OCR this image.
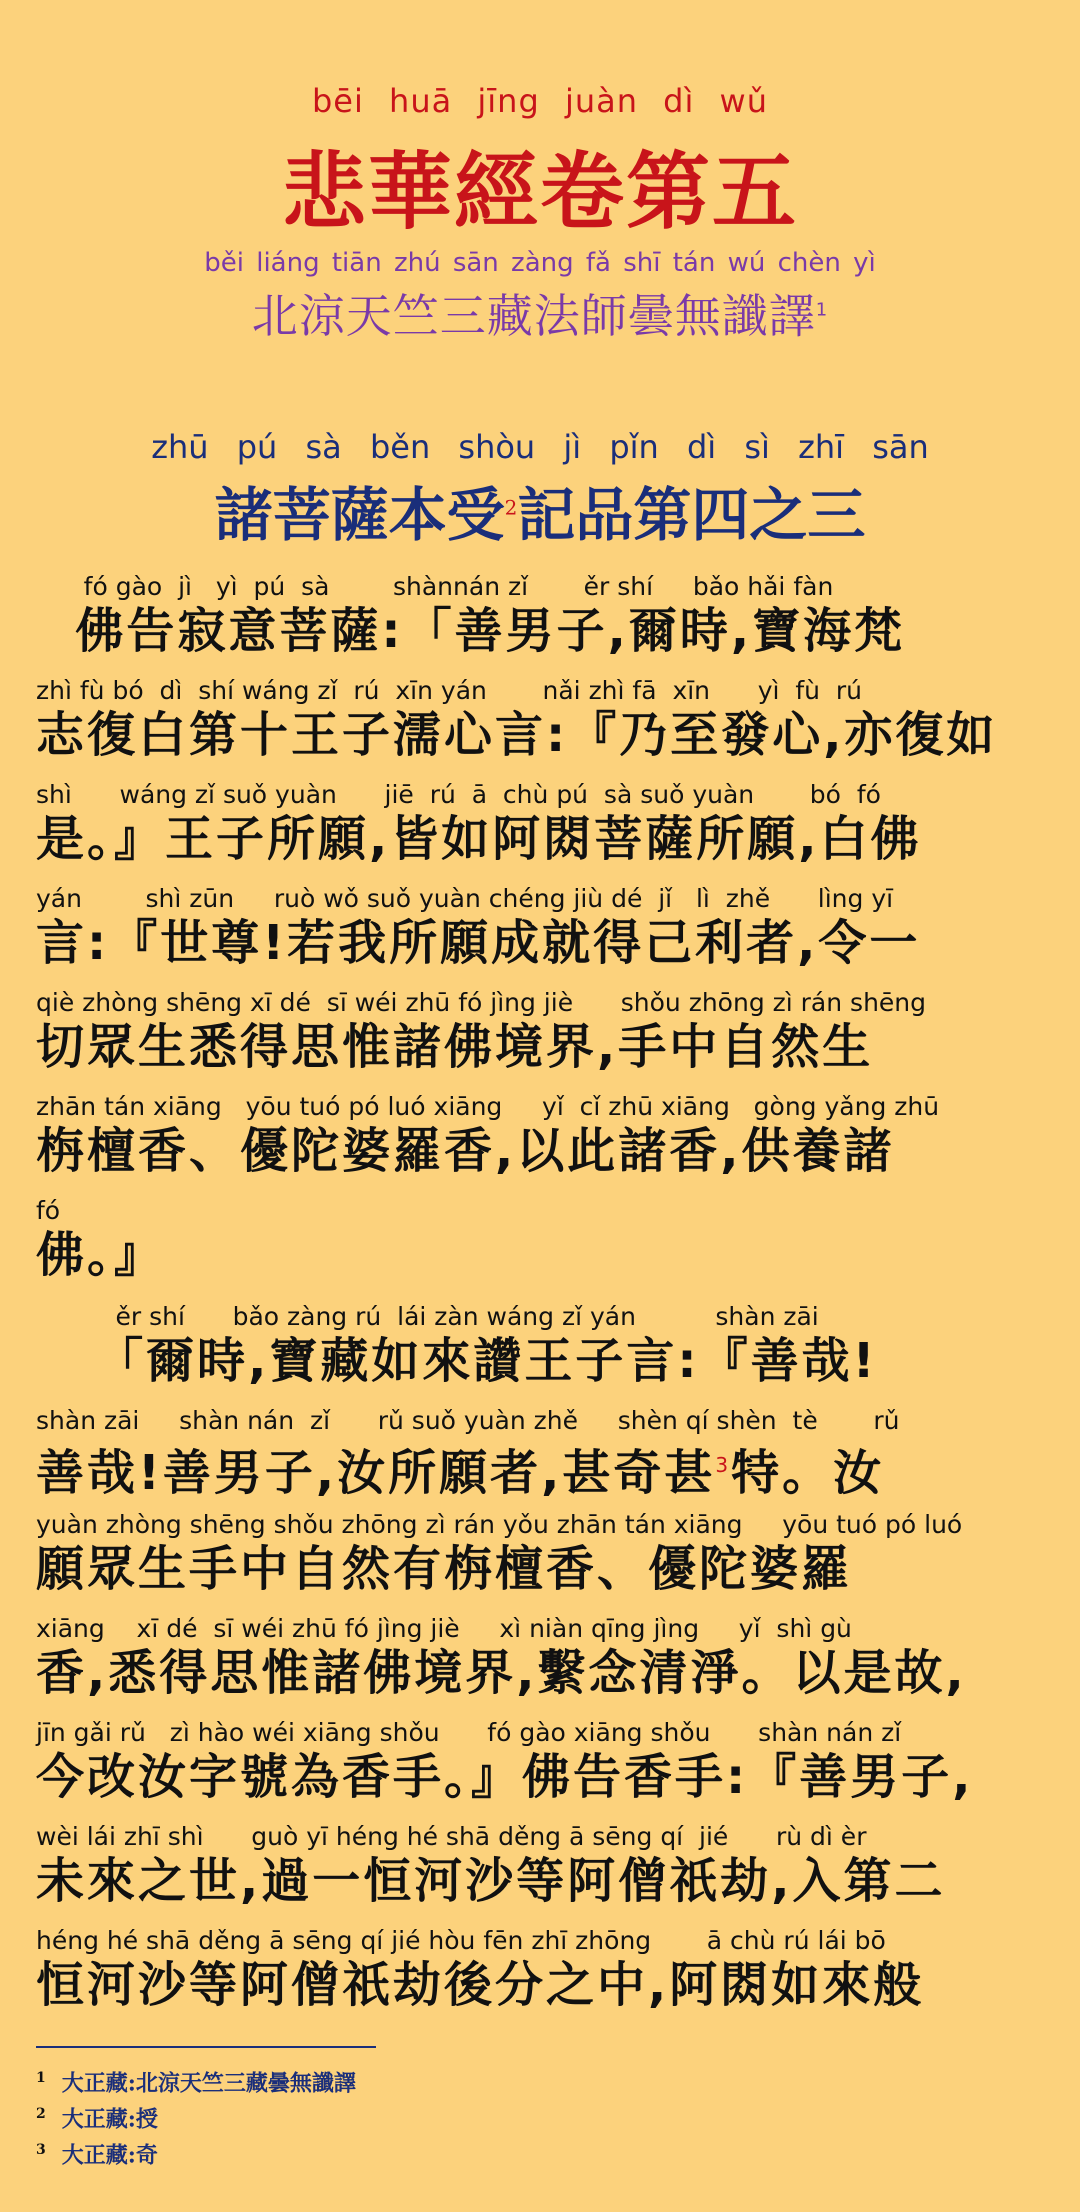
bēi huā jīng juàn dì wǔ
悲華經卷第五
běi liáng tiān zhú sān zàng fǎ shī tán wú chèn yì
北涼天竺三藏法師曇無讖譯$^1$
zhū pú sà běn shòu jì pǐn dì sì zhī sān
諸菩薩本受$^2$記品第四之三
fó gào  jì   yì  pú  sà        shànnán zǐ       ěr shí     bǎo hǎi fàn
佛告寂意菩薩:「善男子,爾時,寶海梵
zhì fù bó  dì  shí wáng zǐ  rú  xīn yán       nǎi zhì fā  xīn      yì  fù  rú
志復白第十王子濡心言:『乃至發心,亦復如
shì      wáng zǐ suǒ yuàn      jiē  rú  ā  chù pú  sà suǒ yuàn       bó  fó
是。』王子所願,皆如阿閦菩薩所願,白佛
yán        shì zūn     ruò wǒ suǒ yuàn chéng jiù dé  jǐ   lì  zhě      lìng yī
言:『世尊!若我所願成就得己利者,令一
qiè zhòng shēng xī dé  sī wéi zhū fó jìng jiè      shǒu zhōng zì rán shēng
切眾生悉得思惟諸佛境界,手中自然生
zhān tán xiāng   yōu tuó pó luó xiāng     yǐ  cǐ zhū xiāng   gòng yǎng zhū
栴檀香、優陀婆羅香,以此諸香,供養諸
fó
佛。』
ěr shí      bǎo zàng rú  lái zàn wáng zǐ yán          shàn zāi
「爾時,寶藏如來讚王子言:『善哉!
shàn zāi     shàn nán  zǐ      rǔ suǒ yuàn zhě     shèn qí shèn  tè       rǔ
善哉!善男子,汝所願者,甚奇甚$^3$特。汝
yuàn zhòng shēng shǒu zhōng zì rán yǒu zhān tán xiāng     yōu tuó pó luó
願眾生手中自然有栴檀香、優陀婆羅
xiāng    xī dé  sī wéi zhū fó jìng jiè     xì niàn qīng jìng     yǐ  shì gù
香,悉得思惟諸佛境界,繫念清淨。以是故,
jīn gǎi rǔ   zì hào wéi xiāng shǒu      fó gào xiāng shǒu      shàn nán zǐ
今改汝字號為香手。』佛告香手:『善男子,
wèi lái zhī shì      guò yī héng hé shā děng ā sēng qí  jié      rù dì èr
未來之世,過一恒河沙等阿僧祇劫,入第二
héng hé shā děng ā sēng qí jié hòu fēn zhī zhōng       ā chù rú lái bō
恒河沙等阿僧祇劫後分之中,阿閦如來般
$^1$ 大正藏:北涼天竺三藏曇無讖譯
$^2$ 大正藏:授
$^3$ 大正藏:奇
